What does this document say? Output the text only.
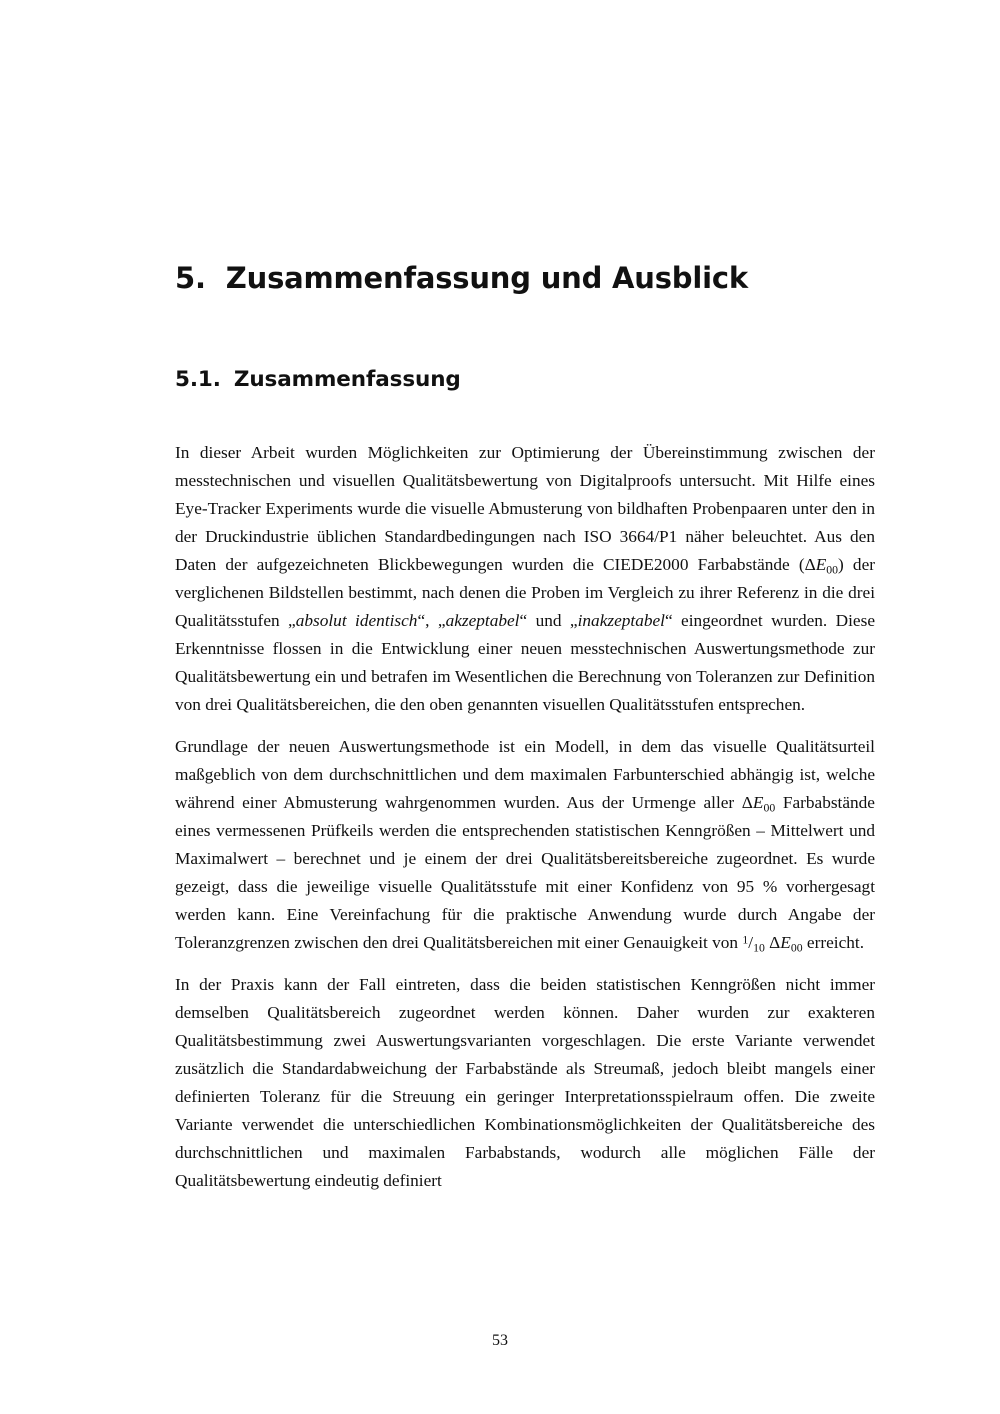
5. Zusammenfassung und Ausblick
5.1. Zusammenfassung

In dieser Arbeit wurden Möglichkeiten zur Optimierung der Übereinstimmung zwischen der messtechnischen und visuellen Qualitätsbewertung von Digitalproofs untersucht. Mit Hilfe eines Eye-Tracker Experiments wurde die visuelle Abmusterung von bildhaften Probenpaaren unter den in der Druckindustrie üblichen Standardbedingungen nach ISO 3664/P1 näher beleuchtet. Aus den Daten der aufgezeichneten Blickbewegungen wurden die CIEDE2000 Farbabstände $(\Delta E_{00})$ der verglichenen Bildstellen bestimmt, nach denen die Proben im Vergleich zu ihrer Referenz in die drei Qualitätsstufen „absolut identisch“, „akzeptabel“ und „inakzeptabel“ eingeordnet wurden. Diese Erkenntnisse flossen in die Entwicklung einer neuen messtechnischen Auswertungsmethode zur Qualitätsbewertung ein und betrafen im Wesentlichen die Berechnung von Toleranzen zur Definition von drei Qualitätsbereichen, die den oben genannten visuellen Qualitätsstufen entsprechen.

Grundlage der neuen Auswertungsmethode ist ein Modell, in dem das visuelle Qualitätsurteil maßgeblich von dem durchschnittlichen und dem maximalen Farbunterschied abhängig ist, welche während einer Abmusterung wahrgenommen wurden. Aus der Urmenge aller $\Delta E_{00}$ Farbabstände eines vermessenen Prüfkeils werden die entsprechenden statistischen Kenngrößen – Mittelwert und Maximalwert – berechnet und je einem der drei Qualitätsbereitsbereiche zugeordnet. Es wurde gezeigt, dass die jeweilige visuelle Qualitätsstufe mit einer Konfidenz von 95 % vorhergesagt werden kann. Eine Vereinfachung für die praktische Anwendung wurde durch Angabe der Toleranzgrenzen zwischen den drei Qualitätsbereichen mit einer Genauigkeit von $^1/_{10}$ $\Delta E_{00}$ erreicht.

In der Praxis kann der Fall eintreten, dass die beiden statistischen Kenngrößen nicht immer demselben Qualitätsbereich zugeordnet werden können. Daher wurden zur exakteren Qualitätsbestimmung zwei Auswertungsvarianten vorgeschlagen. Die erste Variante verwendet zusätzlich die Standardabweichung der Farbabstände als Streumaß, jedoch bleibt mangels einer definierten Toleranz für die Streuung ein geringer Interpretationsspielraum offen. Die zweite Variante verwendet die unterschiedlichen Kombinationsmöglichkeiten der Qualitätsbereiche des durchschnittlichen und maximalen Farbabstands, wodurch alle möglichen Fälle der Qualitätsbewertung eindeutig definiert

53
